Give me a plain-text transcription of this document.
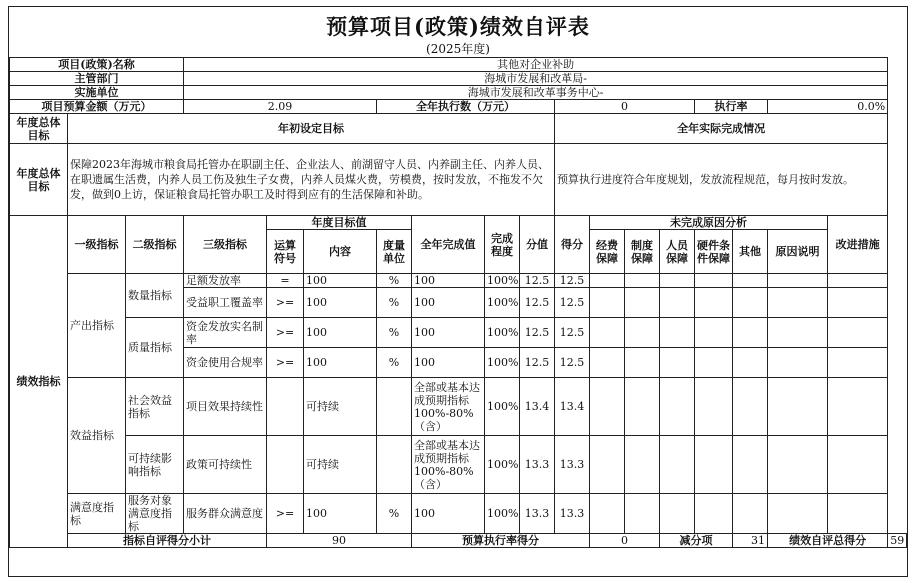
预算项目(政策)绩效自评表
(2025年度)
项目(政策)名称			其他对企业补助															
主管部门			海城市发展和改革局-															
实施单位			海城市发展和改革事务中心-															
项目预算金额（万元）			2.09			全年执行数（万元）				0				执行率		0.0%		
年度总体目标	年初设定目标									全年实际完成情况								
年度总体目标	保障2023年海城市粮食局托管办在职副主任、企业法人、前湖留守人员、内养副主任、内养人员、在职遗属生活费，内养人员工伤及独生子女费，内养人员煤火费，劳模费，按时发放，不拖发不欠发，做到0上访，保证粮食局托管办职工及时得到应有的生活保障和补助。									预算执行进度符合年度规划，发放流程规范，每月按时发放。								
绩效指标	一级指标	二级指标	三级指标	年度目标值			全年完成值	完成程度	分值	得分	未完成原因分析						改进措施	
				运算符号	内容	度量单位					经费保障	制度保障	人员保障	硬件条件保障	其他	原因说明		
	产出指标	数量指标	足额发放率	=	100	%	100	100%	12.5	12.5								
			受益职工覆盖率	>=	100	%	100	100%	12.5	12.5								
		质量指标	资金发放实名制率	>=	100	%	100	100%	12.5	12.5								
			资金使用合规率	>=	100	%	100	100%	12.5	12.5								
	效益指标	社会效益指标	项目效果持续性		可持续		全部或基本达成预期指标100%-80%（含）	100%	13.4	13.4								
		可持续影响指标	政策可持续性		可持续		全部或基本达成预期指标100%-80%（含）	100%	13.3	13.3								
	满意度指标	服务对象满意度指标	服务群众满意度	>=	100	%	100	100%	13.3	13.3								
	指标自评得分小计			90			预算执行率得分				0		减分项		31	绩效自评总得分		59
